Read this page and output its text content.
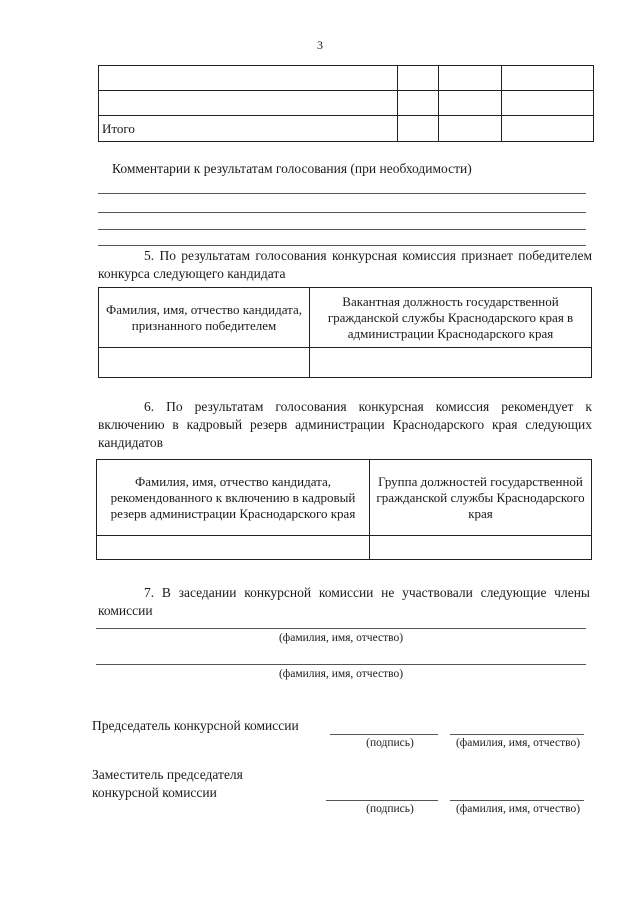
3

Итого			
Комментарии к результатам голосования (при необходимости)
5. По результатам голосования конкурсная комиссия признает победителем конкурса следующего кандидата
Фамилия, имя, отчество кандидата, признанного победителем	Вакантная должность государственной гражданской службы Краснодарского края в администрации Краснодарского края

6. По результатам голосования конкурсная комиссия рекомендует к включению в кадровый резерв администрации Краснодарского края следующих кандидатов
Фамилия, имя, отчество кандидата, рекомендованного к включению в кадровый резерв администрации Краснодарского края	Группа должностей государственной гражданской службы Краснодарского края

7. В заседании конкурсной комиссии не участвовали следующие члены комиссии
(фамилия, имя, отчество)
(фамилия, имя, отчество)
Председатель конкурсной комиссии
(подпись)	(фамилия, имя, отчество)
Заместитель председателя
конкурсной комиссии
(подпись)	(фамилия, имя, отчество)
